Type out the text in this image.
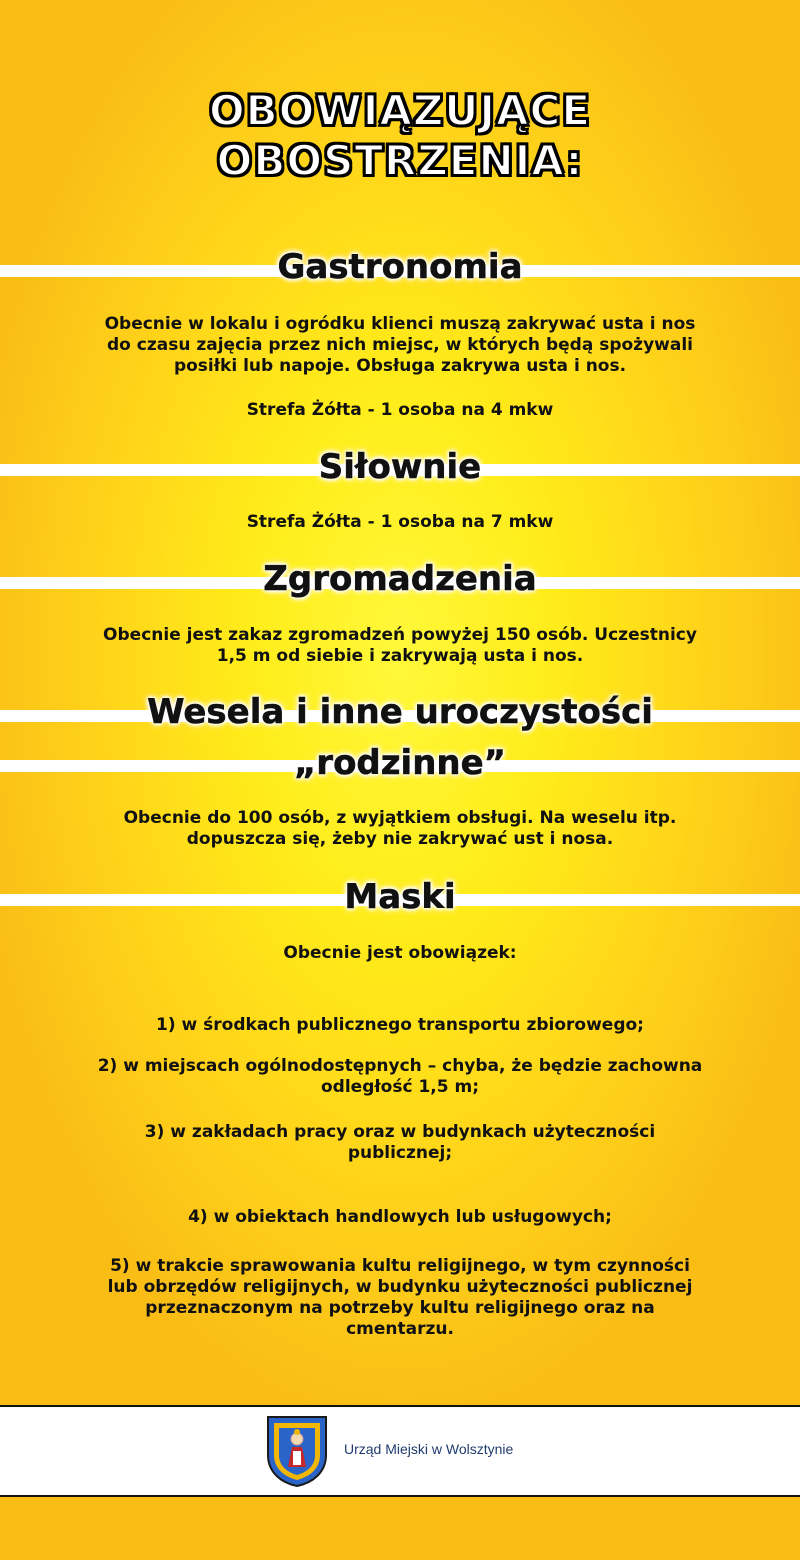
OBOWIĄZUJĄCE
OBOSTRZENIA:
Gastronomia
Obecnie w lokalu i ogródku klienci muszą zakrywać usta i nos
do czasu zajęcia przez nich miejsc, w których będą spożywali
posiłki lub napoje. Obsługa zakrywa usta i nos.
Strefa Żółta - 1 osoba na 4 mkw
Siłownie
Strefa Żółta - 1 osoba na 7 mkw
Zgromadzenia
Obecnie jest zakaz zgromadzeń powyżej 150 osób. Uczestnicy
1,5 m od siebie i zakrywają usta i nos.
Wesela i inne uroczystości
„rodzinne”
Obecnie do 100 osób, z wyjątkiem obsługi. Na weselu itp.
dopuszcza się, żeby nie zakrywać ust i nosa.
Maski
Obecnie jest obowiązek:
1) w środkach publicznego transportu zbiorowego;
2) w miejscach ogólnodostępnych – chyba, że będzie zachowna
odległość 1,5 m;
3) w zakładach pracy oraz w budynkach użyteczności
publicznej;
4) w obiektach handlowych lub usługowych;
5) w trakcie sprawowania kultu religijnego, w tym czynności
lub obrzędów religijnych, w budynku użyteczności publicznej
przeznaczonym na potrzeby kultu religijnego oraz na
cmentarzu.
Urząd Miejski w Wolsztynie
